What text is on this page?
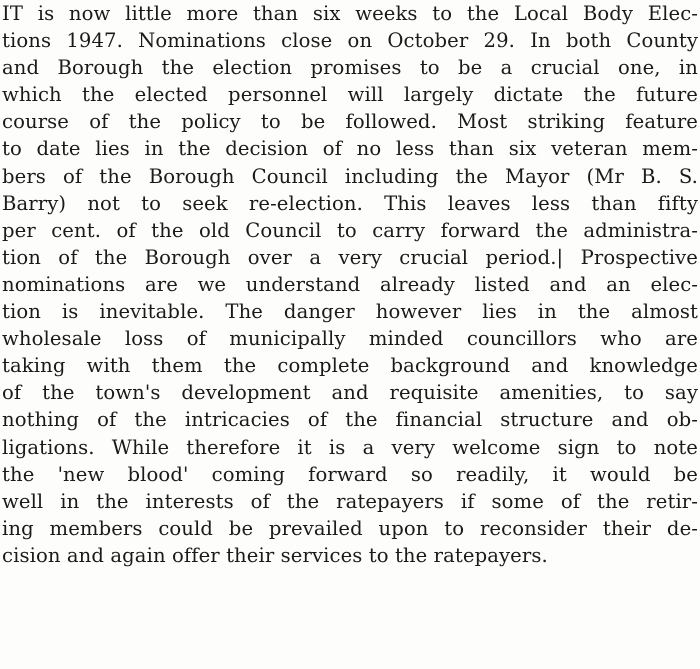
IT is now little more than six weeks to the Local Body Elec-
tions 1947. Nominations close on October 29. In both County
and Borough the election promises to be a crucial one, in
which the elected personnel will largely dictate the future
course of the policy to be followed. Most striking feature
to date lies in the decision of no less than six veteran mem-
bers of the Borough Council including the Mayor (Mr B. S.
Barry) not to seek re-election. This leaves less than fifty
per cent. of the old Council to carry forward the administra-
tion of the Borough over a very crucial period.| Prospective
nominations are we understand already listed and an elec-
tion is inevitable. The danger however lies in the almost
wholesale loss of municipally minded councillors who are
taking with them the complete background and knowledge
of the town's development and requisite amenities, to say
nothing of the intricacies of the financial structure and ob-
ligations. While therefore it is a very welcome sign to note
the 'new blood' coming forward so readily, it would be
well in the interests of the ratepayers if some of the retir-
ing members could be prevailed upon to reconsider their de-
cision and again offer their services to the ratepayers.
